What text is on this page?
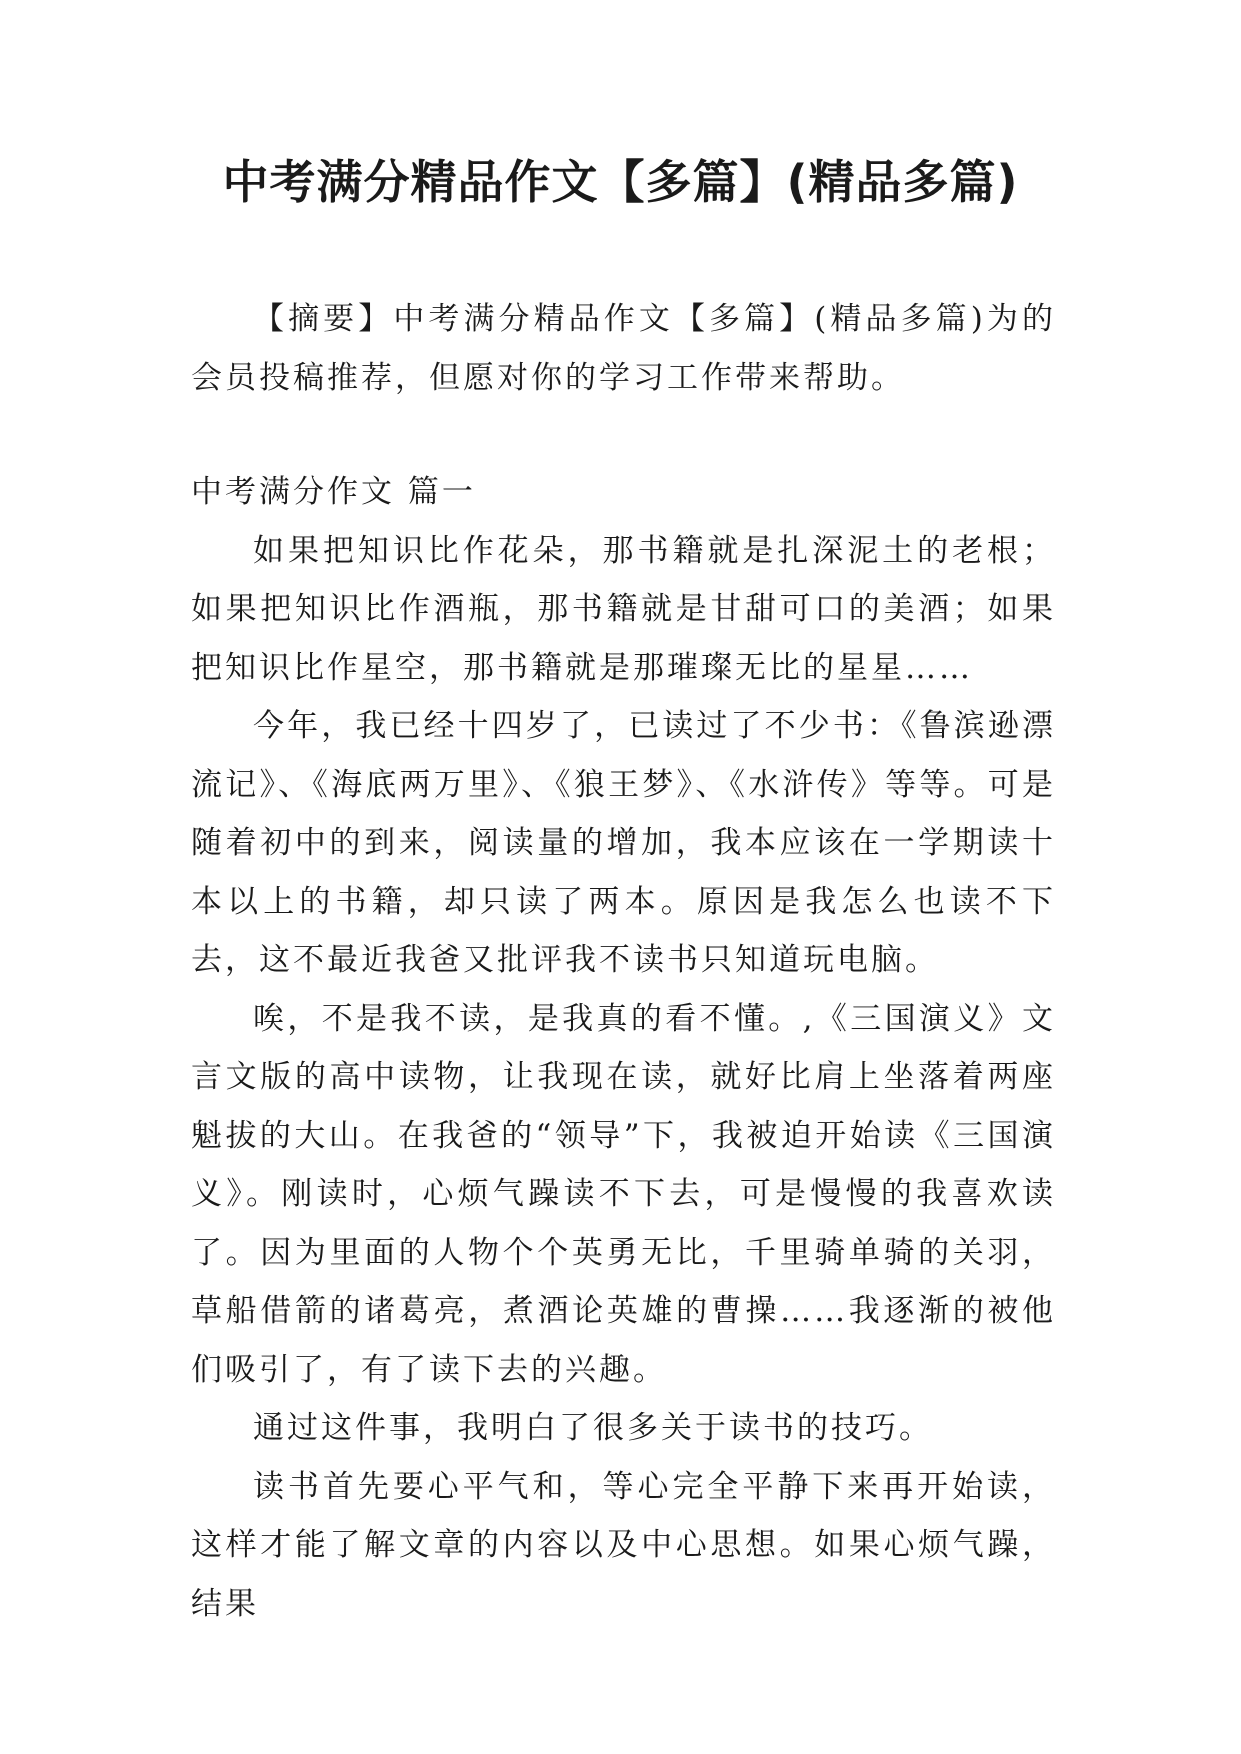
中考满分精品作文【多篇】(精品多篇)

【摘要】中考满分精品作文【多篇】(精品多篇)为的会员投稿推荐，但愿对你的学习工作带来帮助。

中考满分作文 篇一

如果把知识比作花朵，那书籍就是扎深泥土的老根；如果把知识比作酒瓶，那书籍就是甘甜可口的美酒；如果把知识比作星空，那书籍就是那璀璨无比的星星……

今年，我已经十四岁了，已读过了不少书：《鲁滨逊漂流记》、《海底两万里》、《狼王梦》、《水浒传》等等。可是随着初中的到来，阅读量的增加，我本应该在一学期读十本以上的书籍，却只读了两本。原因是我怎么也读不下去，这不最近我爸又批评我不读书只知道玩电脑。

唉，不是我不读，是我真的看不懂。,《三国演义》文言文版的高中读物，让我现在读，就好比肩上坐落着两座魁拔的大山。在我爸的“领导”下，我被迫开始读《三国演义》。刚读时，心烦气躁读不下去，可是慢慢的我喜欢读了。因为里面的人物个个英勇无比，千里骑单骑的关羽，草船借箭的诸葛亮，煮酒论英雄的曹操……我逐渐的被他们吸引了，有了读下去的兴趣。

通过这件事，我明白了很多关于读书的技巧。

读书首先要心平气和，等心完全平静下来再开始读，这样才能了解文章的内容以及中心思想。如果心烦气躁，结果
